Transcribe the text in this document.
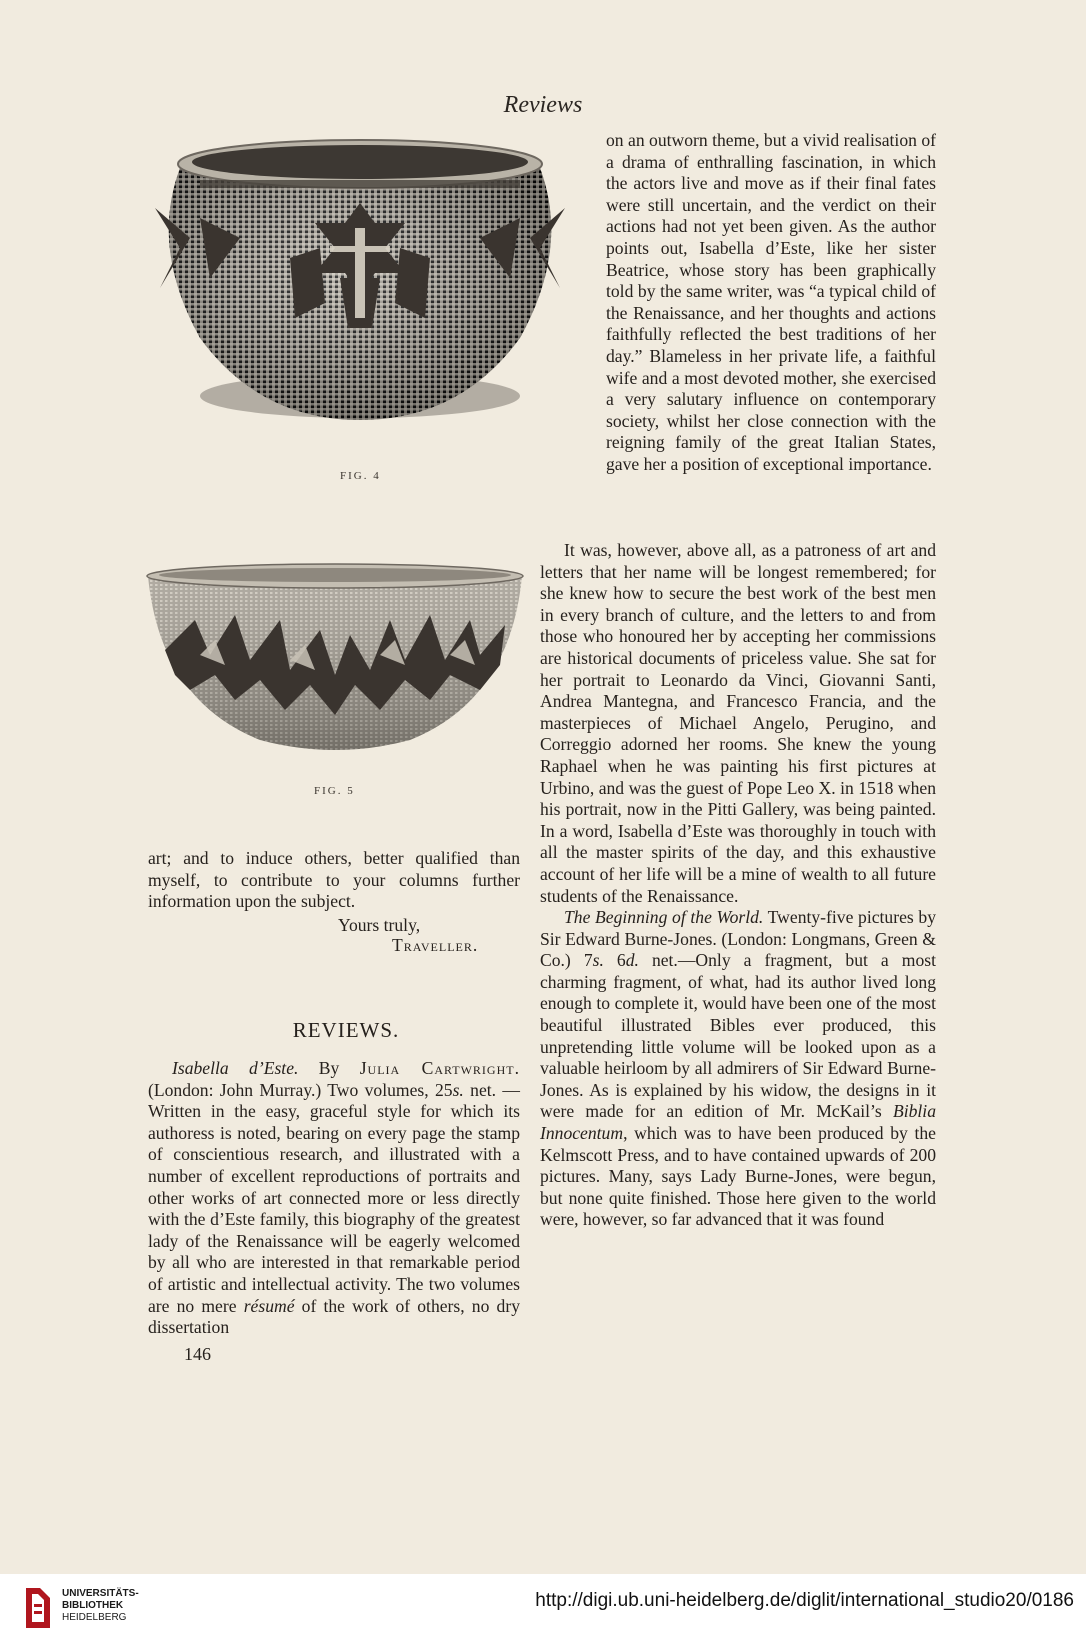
Reviews
FIG. 4
FIG. 5

on an outworn theme, but a vivid realisation of a drama of enthralling fascination, in which the actors live and move as if their final fates were still uncertain, and the verdict on their actions had not yet been given. As the author points out, Isabella d’Este, like her sister Beatrice, whose story has been graphically told by the same writer, was “a typical child of the Renaissance, and her thoughts and actions faithfully reflected the best traditions of her day.” Blameless in her private life, a faithful wife and a most devoted mother, she exercised a very salutary influence on contemporary society, whilst her close connection with the reigning family of the great Italian States, gave her a position of exceptional importance.

It was, however, above all, as a patroness of art and letters that her name will be longest remembered; for she knew how to secure the best work of the best men in every branch of culture, and the letters to and from those who honoured her by accepting her commissions are historical documents of priceless value. She sat for her portrait to Leonardo da Vinci, Giovanni Santi, Andrea Mantegna, and Francesco Francia, and the masterpieces of Michael Angelo, Perugino, and Correggio adorned her rooms. She knew the young Raphael when he was painting his first pictures at Urbino, and was the guest of Pope Leo X. in 1518 when his portrait, now in the Pitti Gallery, was being painted. In a word, Isabella d’Este was thoroughly in touch with all the master spirits of the day, and this exhaustive account of her life will be a mine of wealth to all future students of the Renaissance.

The Beginning of the World. Twenty-five pictures by Sir Edward Burne-Jones. (London: Longmans, Green & Co.) 7s. 6d. net.—Only a fragment, but a most charming fragment, of what, had its author lived long enough to complete it, would have been one of the most beautiful illustrated Bibles ever produced, this unpretending little volume will be looked upon as a valuable heirloom by all admirers of Sir Edward Burne-Jones. As is explained by his widow, the designs in it were made for an edition of Mr. McKail’s Biblia Innocentum, which was to have been produced by the Kelmscott Press, and to have contained upwards of 200 pictures. Many, says Lady Burne-Jones, were begun, but none quite finished. Those here given to the world were, however, so far advanced that it was found

art; and to induce others, better qualified than myself, to contribute to your columns further information upon the subject.

Yours truly,
Traveller.
REVIEWS.

Isabella d’Este. By Julia Cartwright. (London: John Murray.) Two volumes, 25s. net. —Written in the easy, graceful style for which its authoress is noted, bearing on every page the stamp of conscientious research, and illustrated with a number of excellent reproductions of portraits and other works of art connected more or less directly with the d’Este family, this biography of the greatest lady of the Renaissance will be eagerly welcomed by all who are interested in that remarkable period of artistic and intellectual activity. The two volumes are no mere résumé of the work of others, no dry dissertation

146
UNIVERSITÄTS-
BIBLIOTHEK
HEIDELBERG
http://digi.ub.uni-heidelberg.de/diglit/international_studio20/0186
